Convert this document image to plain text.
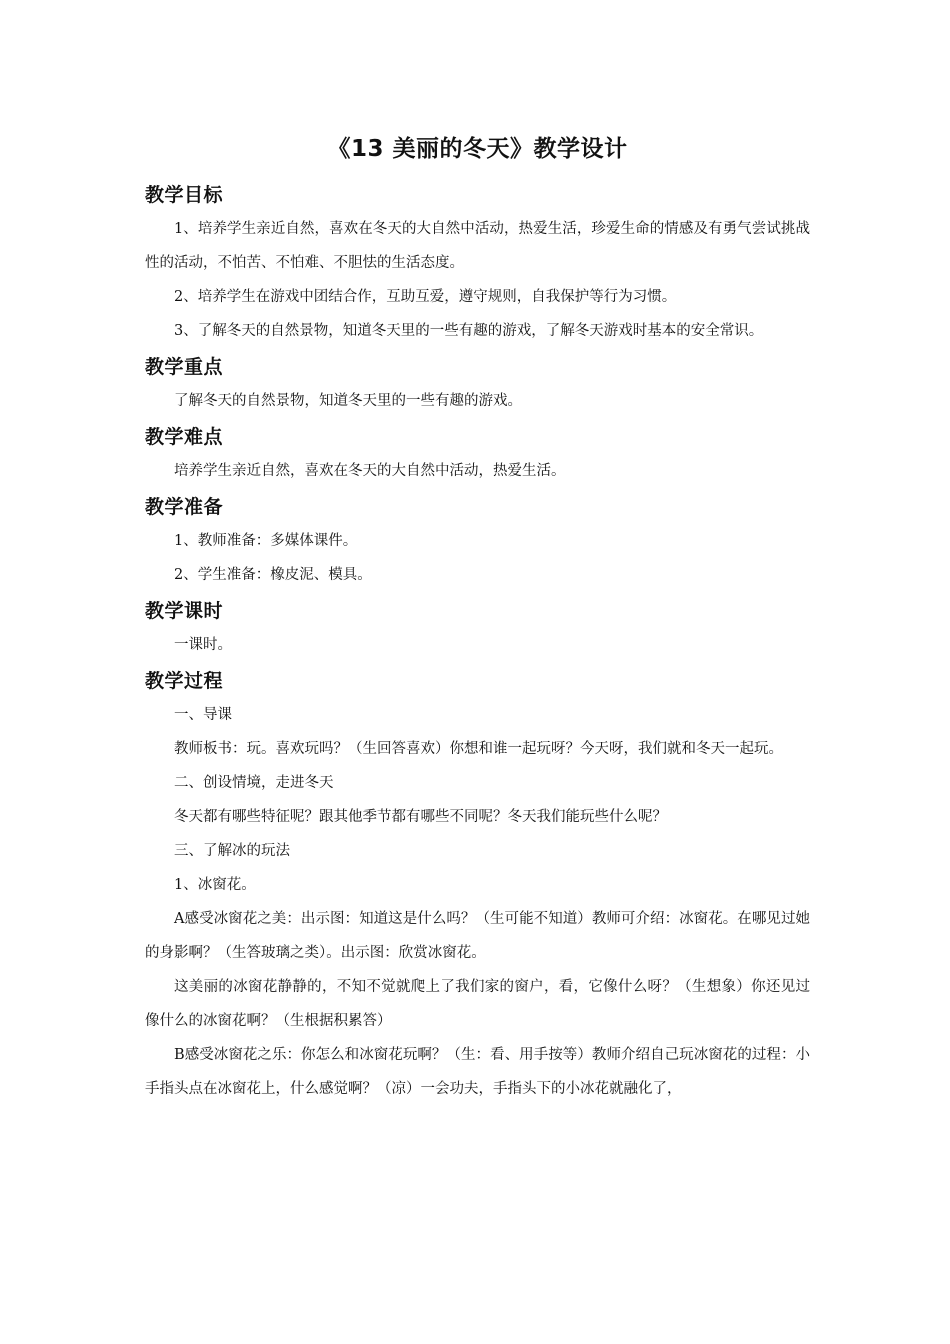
《13 美丽的冬天》教学设计
教学目标

1、培养学生亲近自然，喜欢在冬天的大自然中活动，热爱生活，珍爱生命的情感及有勇气尝试挑战性的活动，不怕苦、不怕难、不胆怯的生活态度。

2、培养学生在游戏中团结合作，互助互爱，遵守规则，自我保护等行为习惯。

3、了解冬天的自然景物，知道冬天里的一些有趣的游戏，了解冬天游戏时基本的安全常识。

教学重点

了解冬天的自然景物，知道冬天里的一些有趣的游戏。

教学难点

培养学生亲近自然，喜欢在冬天的大自然中活动，热爱生活。

教学准备

1、教师准备：多媒体课件。

2、学生准备：橡皮泥、模具。

教学课时

一课时。

教学过程

一、导课

教师板书：玩。喜欢玩吗？（生回答喜欢）你想和谁一起玩呀？今天呀，我们就和冬天一起玩。

二、创设情境，走进冬天

冬天都有哪些特征呢？跟其他季节都有哪些不同呢？冬天我们能玩些什么呢？

三、了解冰的玩法

1、冰窗花。

A感受冰窗花之美：出示图：知道这是什么吗？（生可能不知道）教师可介绍：冰窗花。在哪见过她的身影啊？（生答玻璃之类）。出示图：欣赏冰窗花。

这美丽的冰窗花静静的，不知不觉就爬上了我们家的窗户，看，它像什么呀？（生想象）你还见过像什么的冰窗花啊？（生根据积累答）

B感受冰窗花之乐：你怎么和冰窗花玩啊？（生：看、用手按等）教师介绍自己玩冰窗花的过程：小手指头点在冰窗花上，什么感觉啊？（凉）一会功夫，手指头下的小冰花就融化了，
